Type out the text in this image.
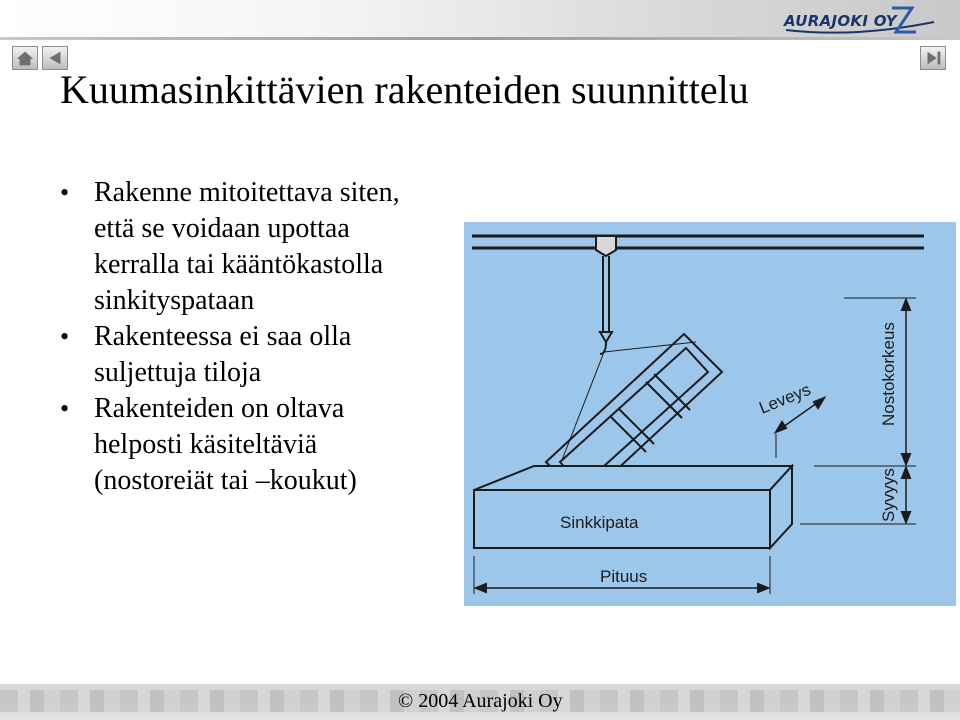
AURAJOKI OY
Kuumasinkittävien rakenteiden suunnittelu
• Rakenne mitoitettava siten,
että se voidaan upottaa
kerralla tai kääntökastolla
sinkityspataan
• Rakenteessa ei saa olla
suljettuja tiloja
• Rakenteiden on oltava
helposti käsiteltäviä
(nostoreiät tai –koukut)
Sinkkipata
Pituus
Leveys
Syvyys
Nostokorkeus
© 2004 Aurajoki Oy
